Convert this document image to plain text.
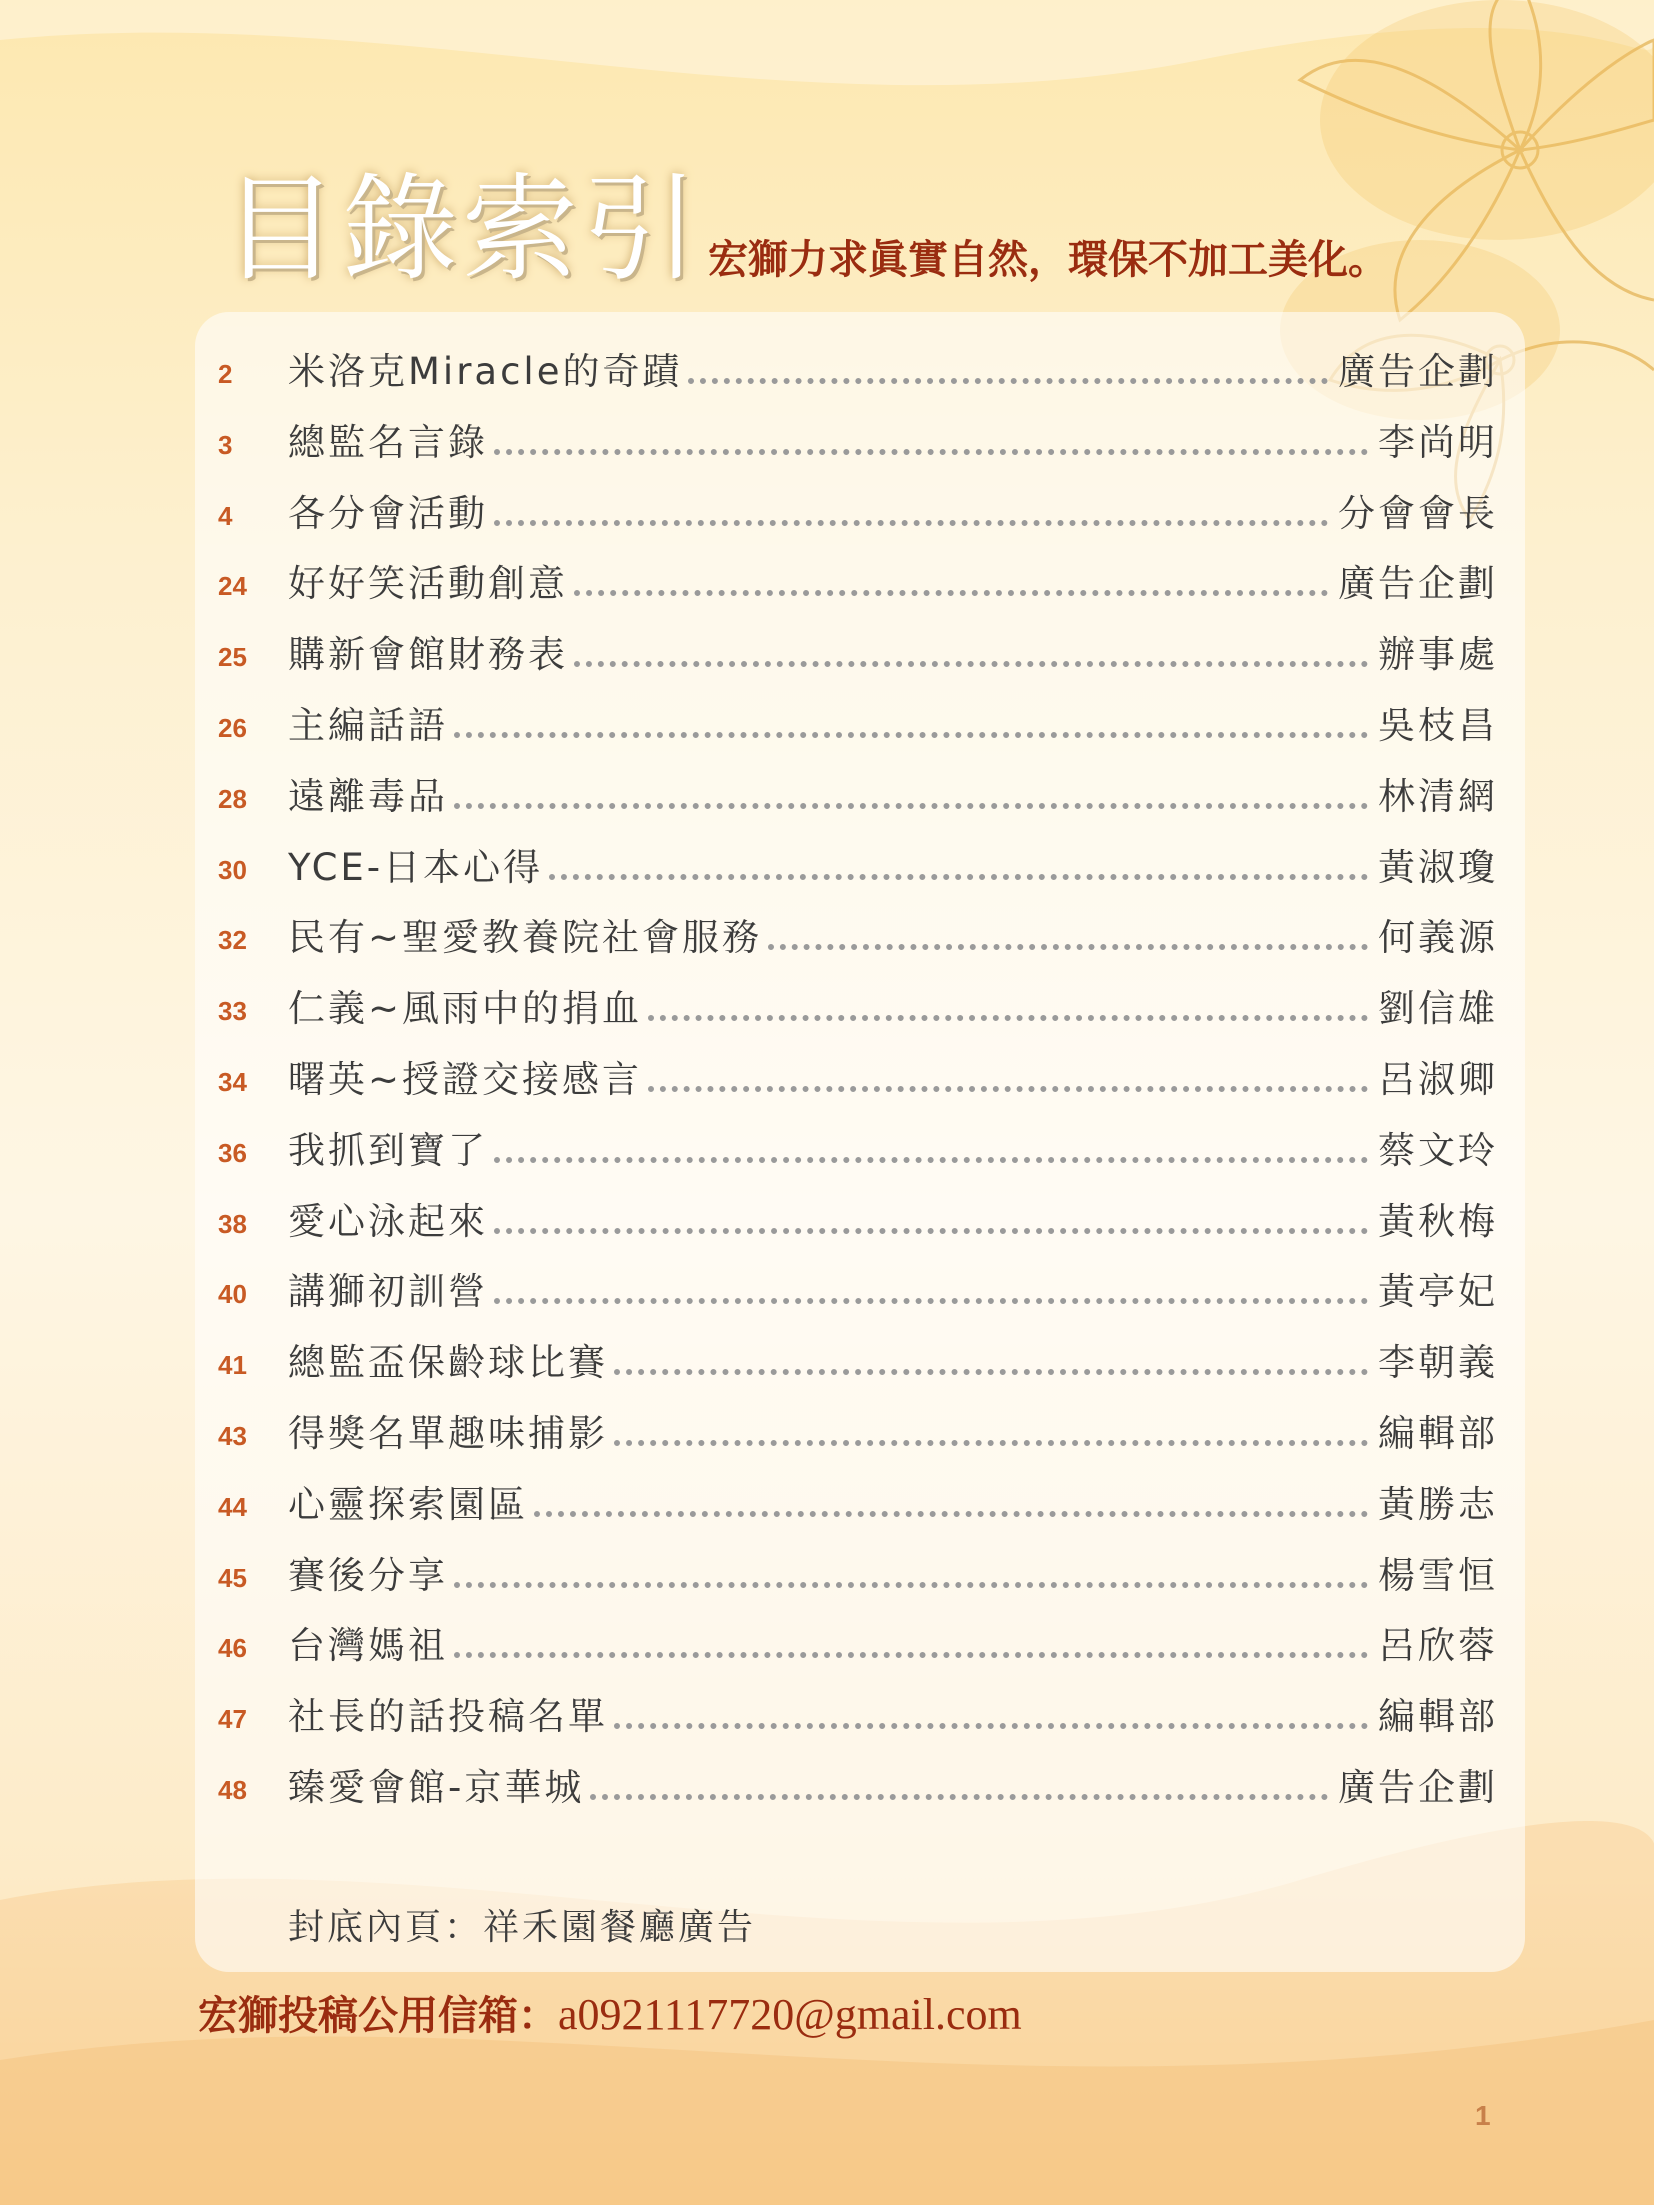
目錄索引 宏獅力求眞實自然，環保不加工美化。

2	米洛克Miracle的奇蹟	廣告企劃
3	總監名言錄	李尚明
4	各分會活動	分會會長
24	好好笑活動創意	廣告企劃
25	購新會館財務表	辦事處
26	主編話語	吳枝昌
28	遠離毒品	林清網
30	YCE-日本心得	黃淑瓊
32	民有~聖愛教養院社會服務	何義源
33	仁義~風雨中的捐血	劉信雄
34	曙英~授證交接感言	呂淑卿
36	我抓到寶了	蔡文玲
38	愛心泳起來	黃秋梅
40	講獅初訓營	黃亭妃
41	總監盃保齡球比賽	李朝義
43	得獎名單趣味捕影	編輯部
44	心靈探索園區	黃勝志
45	賽後分享	楊雪恒
46	台灣媽祖	呂欣蓉
47	社長的話投稿名單	編輯部
48	臻愛會館-京華城	廣告企劃

封底內頁：祥禾園餐廳廣告

宏獅投稿公用信箱：a0921117720@gmail.com

1
